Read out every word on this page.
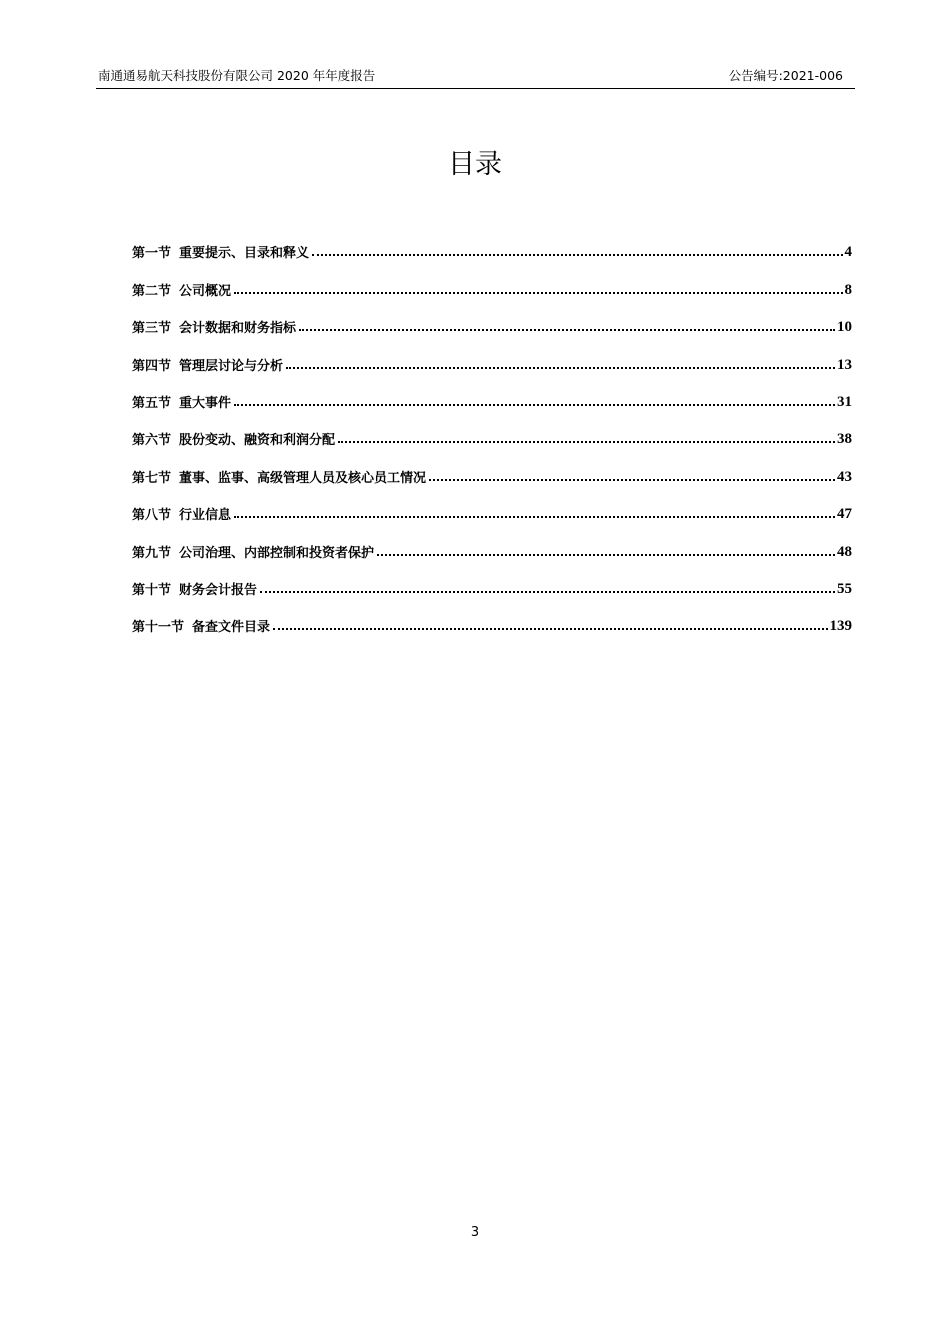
南通通易航天科技股份有限公司 2020 年年度报告	公告编号:2021-006
目录
第一节 重要提示、目录和释义	4
第二节 公司概况	8
第三节 会计数据和财务指标	10
第四节 管理层讨论与分析	13
第五节 重大事件	31
第六节 股份变动、融资和利润分配	38
第七节 董事、监事、高级管理人员及核心员工情况	43
第八节 行业信息	47
第九节 公司治理、内部控制和投资者保护	48
第十节 财务会计报告	55
第十一节 备查文件目录	139
3
